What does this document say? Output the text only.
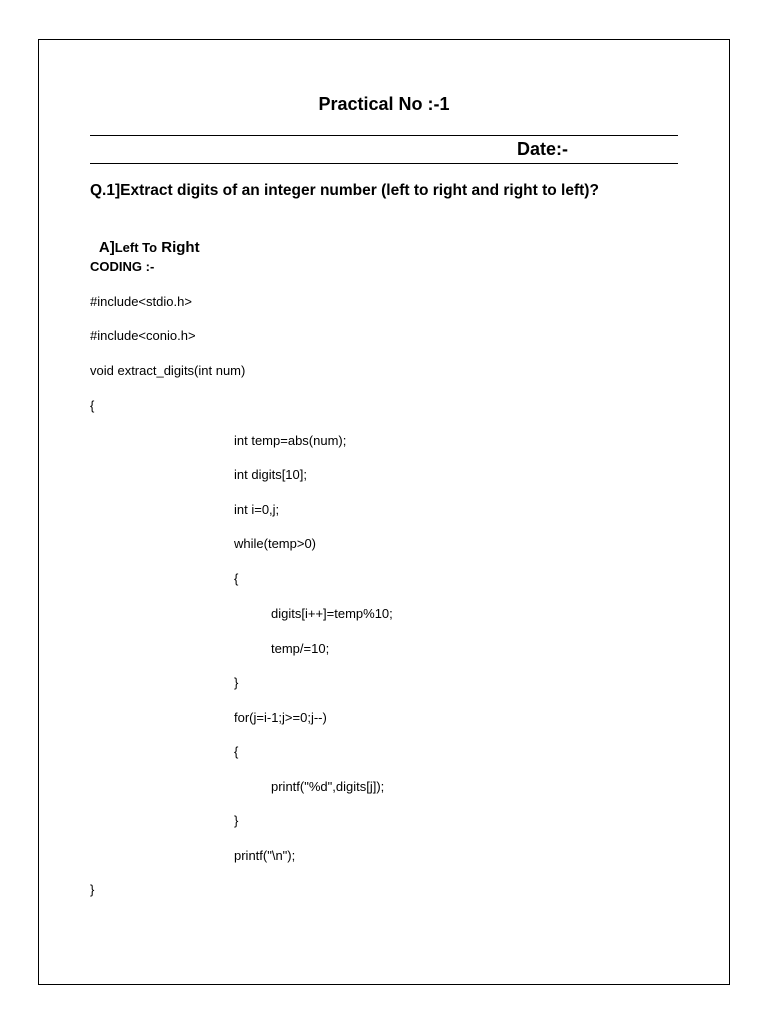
Practical No :-1
Date:-
Q.1]Extract digits of an integer number (left to right and right to left)?

A]Left To Right

CODING :-
#include<stdio.h>
#include<conio.h>
void extract_digits(int num)
{
int temp=abs(num);
int digits[10];
int i=0,j;
while(temp>0)
{
digits[i++]=temp%10;
temp/=10;
}
for(j=i-1;j>=0;j--)
{
printf("%d",digits[j]);
}
printf("\n");
}
